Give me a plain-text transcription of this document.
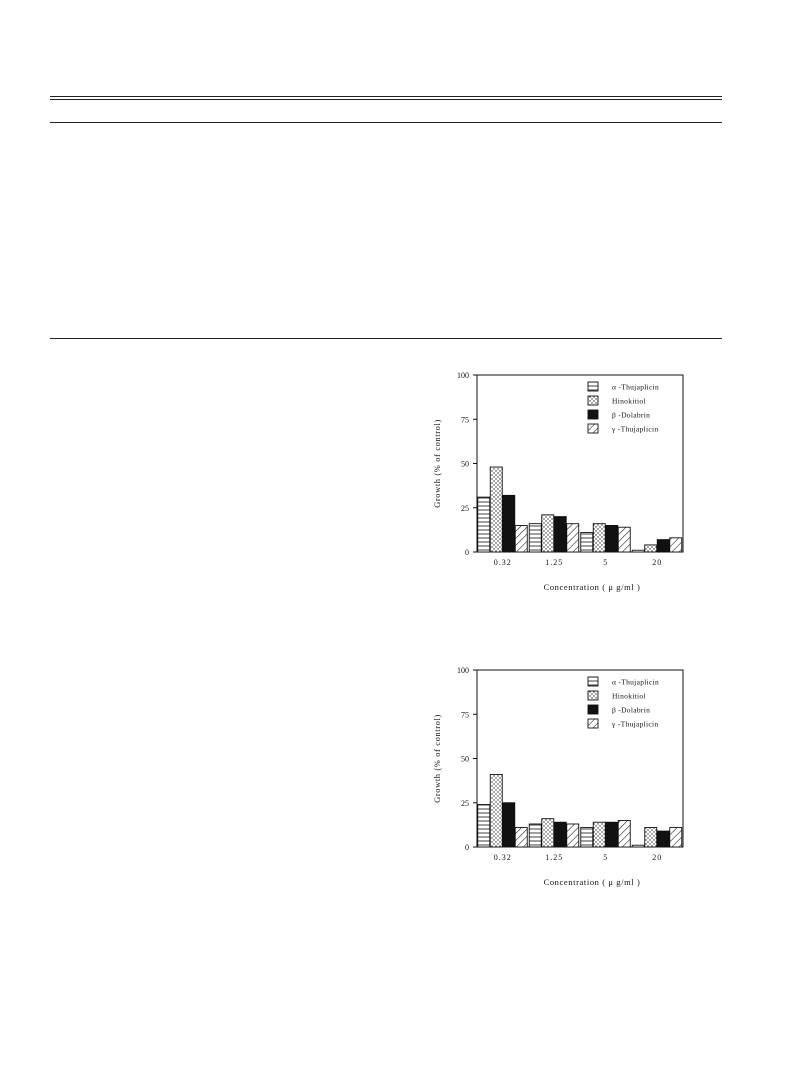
0
25
50
75
100
0.32	1.25	5	20
Concentration ( μ g/ml )
Growth (% of control)
α -Thujaplicin
Hinokitiol
β -Dolabrin
γ -Thujaplicin
0
25
50
75
100
0.32	1.25	5	20
Concentration ( μ g/ml )
Growth (% of control)
α -Thujaplicin
Hinokitiol
β -Dolabrin
γ -Thujaplicin
